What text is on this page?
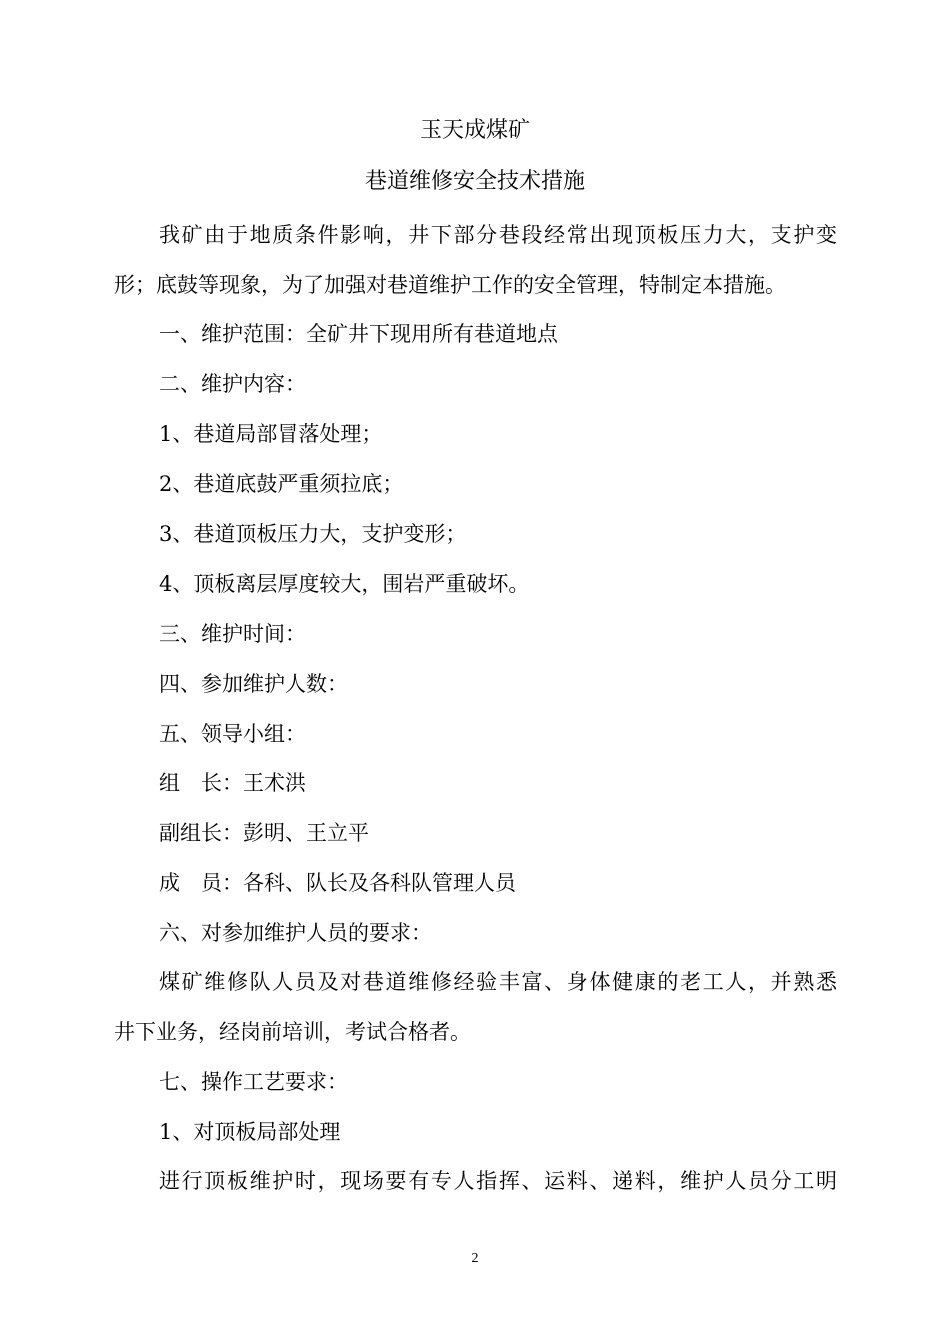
玉天成煤矿
巷道维修安全技术措施
我矿由于地质条件影响，井下部分巷段经常出现顶板压力大，支护变
形；底鼓等现象，为了加强对巷道维护工作的安全管理，特制定本措施。
一、维护范围：全矿井下现用所有巷道地点
二、维护内容：
1、巷道局部冒落处理；
2、巷道底鼓严重须拉底；
3、巷道顶板压力大，支护变形；
4、顶板离层厚度较大，围岩严重破坏。
三、维护时间：
四、参加维护人数：
五、领导小组：
组　长：王术洪
副组长：彭明、王立平
成　员：各科、队长及各科队管理人员
六、对参加维护人员的要求：
煤矿维修队人员及对巷道维修经验丰富、身体健康的老工人，并熟悉
井下业务，经岗前培训，考试合格者。
七、操作工艺要求：
1、对顶板局部处理
进行顶板维护时，现场要有专人指挥、运料、递料，维护人员分工明
2
